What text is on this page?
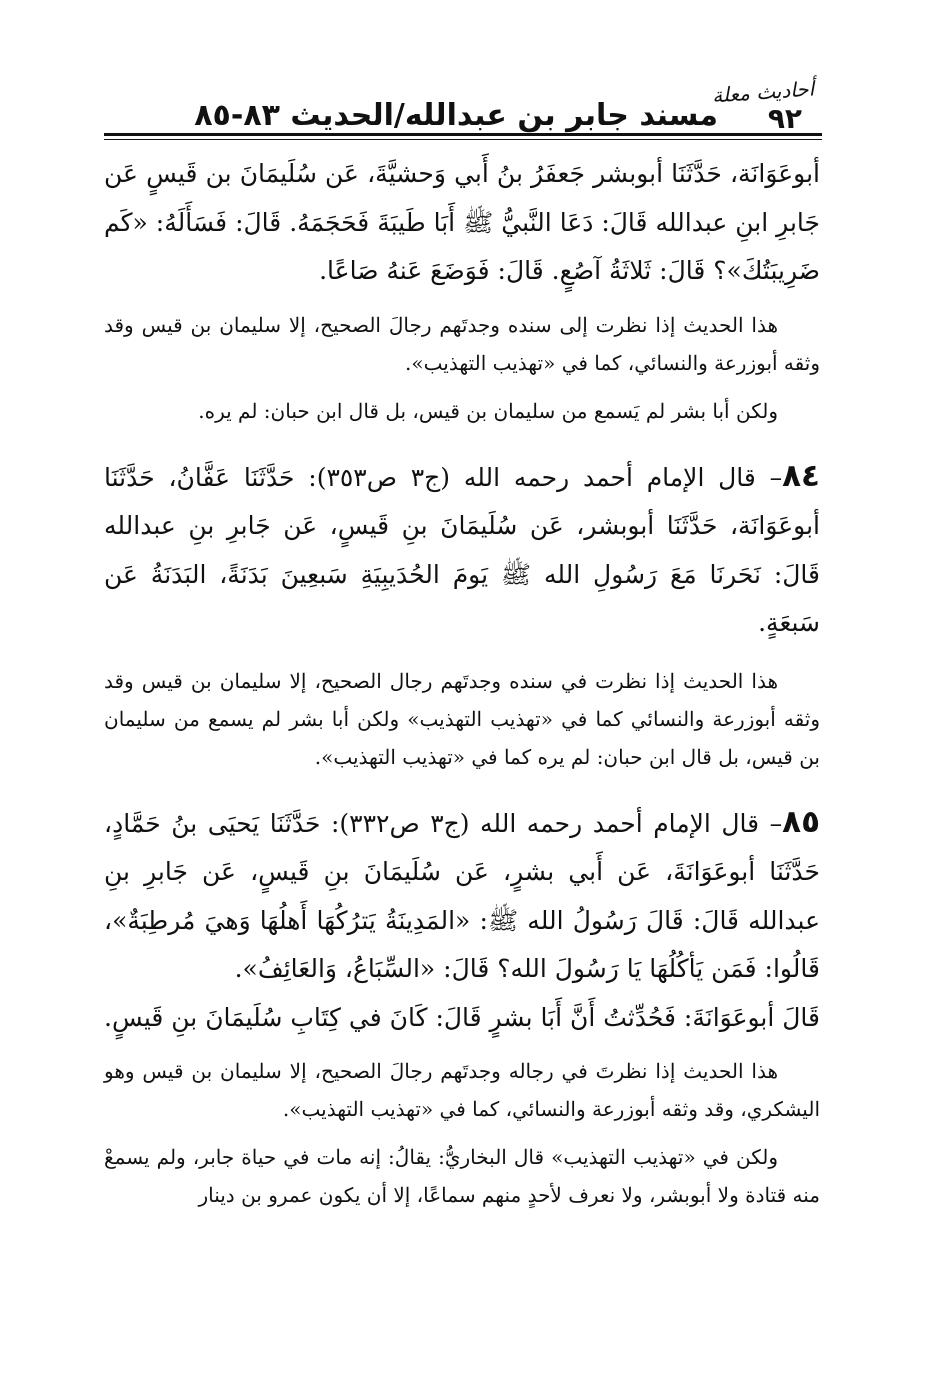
مسند جابر بن عبدالله/الحديث ٨٣-٨٥
أحاديث معلة
٩٢

أبوعَوَانَة، حَدَّثَنَا أبوبشر جَعفَرُ بنُ أَبي وَحشيَّةَ، عَن سُلَيمَانَ بن قَيسٍ عَن جَابرِ ابنِ عبدالله قَالَ: دَعَا النَّبيُّ ﷺ أَبَا طَيبَةَ فَحَجَمَهُ. قَالَ: فَسَأَلَهُ: «كَم ضَرِيبَتُكَ»؟ قَالَ: ثَلاثَةُ آصُعٍ. قَالَ: فَوَضَعَ عَنهُ صَاعًا.

هذا الحديث إذا نظرت إلى سنده وجدتَهم رجالَ الصحيح، إلا سليمان بن قيس وقد وثقه أبوزرعة والنسائي، كما في «تهذيب التهذيب».

ولكن أبا بشر لم يَسمع من سليمان بن قيس، بل قال ابن حبان: لم يره.

٨٤– قال الإمام أحمد رحمه الله (ج٣ ص٣٥٣): حَدَّثَنَا عَفَّانُ، حَدَّثَنَا أبوعَوَانَة، حَدَّثَنَا أبوبشر، عَن سُلَيمَانَ بنِ قَيسٍ، عَن جَابرِ بنِ عبدالله قَالَ: نَحَرنَا مَعَ رَسُولِ الله ﷺ يَومَ الحُدَيبِيَةِ سَبعِينَ بَدَنَةً، البَدَنَةُ عَن سَبعَةٍ.

هذا الحديث إذا نظرت في سنده وجدتَهم رجال الصحيح، إلا سليمان بن قيس وقد وثقه أبوزرعة والنسائي كما في «تهذيب التهذيب» ولكن أبا بشر لم يسمع من سليمان بن قيس، بل قال ابن حبان: لم يره كما في «تهذيب التهذيب».

٨٥– قال الإمام أحمد رحمه الله (ج٣ ص٣٣٢): حَدَّثَنَا يَحيَى بنُ حَمَّادٍ، حَدَّثَنَا أبوعَوَانَةَ، عَن أَبي بشرٍ، عَن سُلَيمَانَ بنِ قَيسٍ، عَن جَابرِ بنِ عبدالله قَالَ: قَالَ رَسُولُ الله ﷺ: «المَدِينَةُ يَترُكُهَا أَهلُهَا وَهيَ مُرطِبَةٌ»، قَالُوا: فَمَن يَأكُلُهَا يَا رَسُولَ الله؟ قَالَ: «السِّبَاعُ، وَالعَائِفُ».

قَالَ أبوعَوَانَةَ: فَحُدِّثتُ أَنَّ أَبَا بشرٍ قَالَ: كَانَ في كِتَابِ سُلَيمَانَ بنِ قَيسٍ.

هذا الحديث إذا نظرتَ في رجاله وجدتَهم رجالَ الصحيح، إلا سليمان بن قيس وهو اليشكري، وقد وثقه أبوزرعة والنسائي، كما في «تهذيب التهذيب».

ولكن في «تهذيب التهذيب» قال البخاريُّ: يقالُ: إنه مات في حياة جابر، ولم يسمعْ منه قتادة ولا أبوبشر، ولا نعرف لأحدٍ منهم سماعًا، إلا أن يكون عمرو بن دينار
